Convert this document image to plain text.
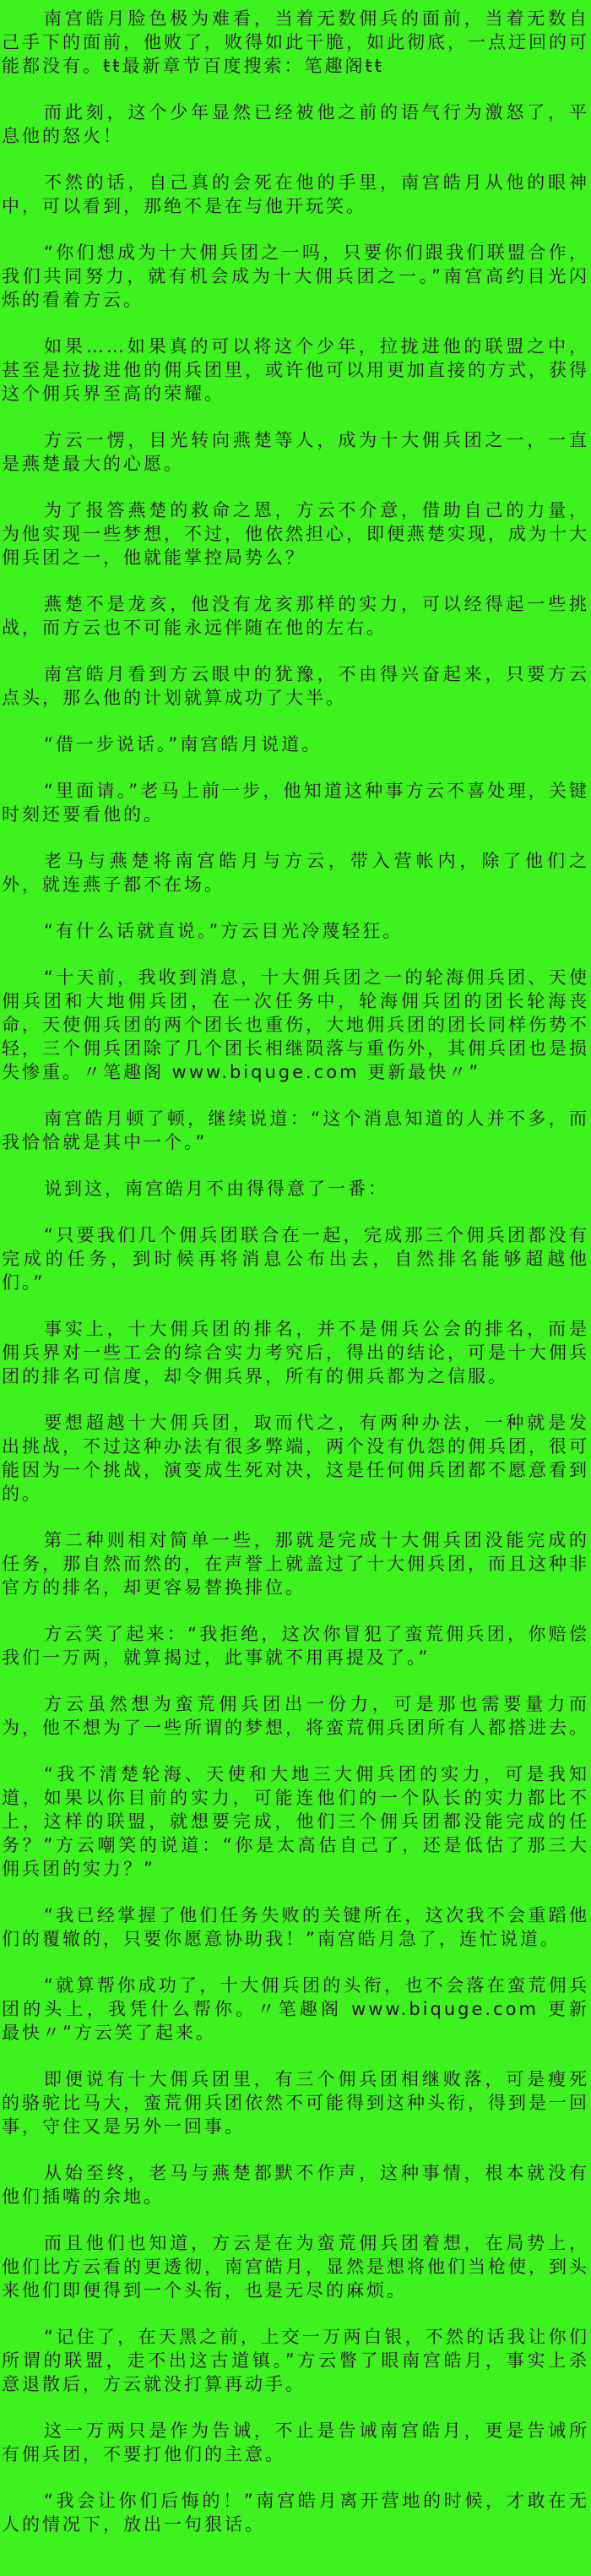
南宫皓月脸色极为难看，当着无数佣兵的面前，当着无数自己手下的面前，他败了，败得如此干脆，如此彻底，一点迂回的可能都没有。ŧŧ最新章节百度搜索：笔趣阁ŧŧ

而此刻，这个少年显然已经被他之前的语气行为激怒了，平息他的怒火！

不然的话，自己真的会死在他的手里，南宫皓月从他的眼神中，可以看到，那绝不是在与他开玩笑。

“你们想成为十大佣兵团之一吗，只要你们跟我们联盟合作，我们共同努力，就有机会成为十大佣兵团之一。”南宫高约目光闪烁的看着方云。

如果……如果真的可以将这个少年，拉拢进他的联盟之中，甚至是拉拢进他的佣兵团里，或许他可以用更加直接的方式，获得这个佣兵界至高的荣耀。

方云一愣，目光转向燕楚等人，成为十大佣兵团之一，一直是燕楚最大的心愿。

为了报答燕楚的救命之恩，方云不介意，借助自己的力量，为他实现一些梦想，不过，他依然担心，即便燕楚实现，成为十大佣兵团之一，他就能掌控局势么？

燕楚不是龙亥，他没有龙亥那样的实力，可以经得起一些挑战，而方云也不可能永远伴随在他的左右。

南宫皓月看到方云眼中的犹豫，不由得兴奋起来，只要方云点头，那么他的计划就算成功了大半。

“借一步说话。”南宫皓月说道。

“里面请。”老马上前一步，他知道这种事方云不喜处理，关键时刻还要看他的。

老马与燕楚将南宫皓月与方云，带入营帐内，除了他们之外，就连燕子都不在场。

“有什么话就直说。”方云目光冷蔑轻狂。

“十天前，我收到消息，十大佣兵团之一的轮海佣兵团、天使佣兵团和大地佣兵团，在一次任务中，轮海佣兵团的团长轮海丧命，天使佣兵团的两个团长也重伤，大地佣兵团的团长同样伤势不轻，三个佣兵团除了几个团长相继陨落与重伤外，其佣兵团也是损失惨重。〃笔趣阁 www.biquge.com 更新最快〃”

南宫皓月顿了顿，继续说道：“这个消息知道的人并不多，而我恰恰就是其中一个。”

说到这，南宫皓月不由得得意了一番：

“只要我们几个佣兵团联合在一起，完成那三个佣兵团都没有完成的任务，到时候再将消息公布出去，自然排名能够超越他们。”

事实上，十大佣兵团的排名，并不是佣兵公会的排名，而是佣兵界对一些工会的综合实力考究后，得出的结论，可是十大佣兵团的排名可信度，却令佣兵界，所有的佣兵都为之信服。

要想超越十大佣兵团，取而代之，有两种办法，一种就是发出挑战，不过这种办法有很多弊端，两个没有仇怨的佣兵团，很可能因为一个挑战，演变成生死对决，这是任何佣兵团都不愿意看到的。

第二种则相对简单一些，那就是完成十大佣兵团没能完成的任务，那自然而然的，在声誉上就盖过了十大佣兵团，而且这种非官方的排名，却更容易替换排位。

方云笑了起来：“我拒绝，这次你冒犯了蛮荒佣兵团，你赔偿我们一万两，就算揭过，此事就不用再提及了。”

方云虽然想为蛮荒佣兵团出一份力，可是那也需要量力而为，他不想为了一些所谓的梦想，将蛮荒佣兵团所有人都搭进去。

“我不清楚轮海、天使和大地三大佣兵团的实力，可是我知道，如果以你目前的实力，可能连他们的一个队长的实力都比不上，这样的联盟，就想要完成，他们三个佣兵团都没能完成的任务？”方云嘲笑的说道：“你是太高估自己了，还是低估了那三大佣兵团的实力？”

“我已经掌握了他们任务失败的关键所在，这次我不会重蹈他们的覆辙的，只要你愿意协助我！”南宫皓月急了，连忙说道。

“就算帮你成功了，十大佣兵团的头衔，也不会落在蛮荒佣兵团的头上，我凭什么帮你。〃笔趣阁 www.biquge.com 更新最快〃”方云笑了起来。

即便说有十大佣兵团里，有三个佣兵团相继败落，可是瘦死的骆驼比马大，蛮荒佣兵团依然不可能得到这种头衔，得到是一回事，守住又是另外一回事。

从始至终，老马与燕楚都默不作声，这种事情，根本就没有他们插嘴的余地。

而且他们也知道，方云是在为蛮荒佣兵团着想，在局势上，他们比方云看的更透彻，南宫皓月，显然是想将他们当枪使，到头来他们即便得到一个头衔，也是无尽的麻烦。

“记住了，在天黑之前，上交一万两白银，不然的话我让你们所谓的联盟，走不出这古道镇。”方云瞥了眼南宫皓月，事实上杀意退散后，方云就没打算再动手。

这一万两只是作为告诫，不止是告诫南宫皓月，更是告诫所有佣兵团，不要打他们的主意。

“我会让你们后悔的！”南宫皓月离开营地的时候，才敢在无人的情况下，放出一句狠话。
